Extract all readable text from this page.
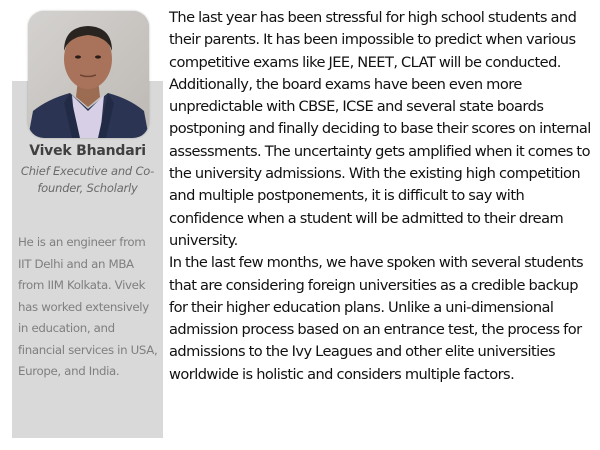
Vivek Bhandari
Chief Executive and Co-founder, Scholarly
He is an engineer from IIT Delhi and an MBA from IIM Kolkata. Vivek has worked extensively in education, and financial services in USA, Europe, and India.

The last year has been stressful for high school students and their parents. It has been impossible to predict when various competitive exams like JEE, NEET, CLAT will be conducted. Additionally, the board exams have been even more unpredictable with CBSE, ICSE and several state boards postponing and finally deciding to base their scores on internal assessments. The uncertainty gets amplified when it comes to the university admissions. With the existing high competition and multiple postponements, it is difficult to say with confidence when a student will be admitted to their dream university.

In the last few months, we have spoken with several students that are considering foreign universities as a credible backup for their higher education plans. Unlike a uni-dimensional admission process based on an entrance test, the process for admissions to the Ivy Leagues and other elite universities worldwide is holistic and considers multiple factors.
